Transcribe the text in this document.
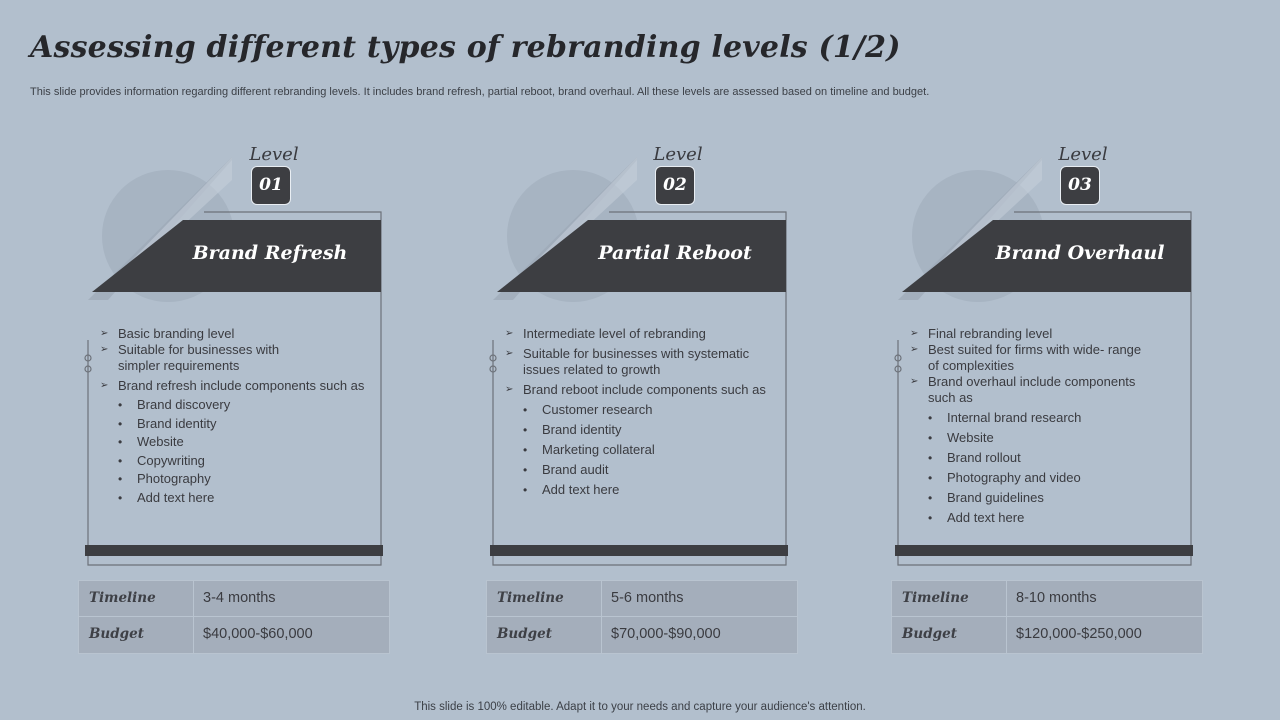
Assessing different types of rebranding levels (1/2)
This slide provides information regarding different rebranding levels. It includes brand refresh, partial reboot, brand overhaul. All these levels are assessed based on timeline and budget.
Level
01
Brand Refresh
➢ Basic branding level
➢ Suitable for businesses with
simpler requirements
➢ Brand refresh include components such as
• Brand discovery
• Brand identity
• Website
• Copywriting
• Photography
• Add text here
Timeline	3-4 months
Budget	$40,000-$60,000
Level
02
Partial Reboot
➢ Intermediate level of rebranding
➢ Suitable for businesses with systematic
issues related to growth
➢ Brand reboot include components such as
• Customer research
• Brand identity
• Marketing collateral
• Brand audit
• Add text here
Timeline	5-6 months
Budget	$70,000-$90,000
Level
03
Brand Overhaul
➢ Final rebranding level
➢ Best suited for firms with wide- range
of complexities
➢ Brand overhaul include components
such as
• Internal brand research
• Website
• Brand rollout
• Photography and video
• Brand guidelines
• Add text here
Timeline	8-10 months
Budget	$120,000-$250,000
This slide is 100% editable. Adapt it to your needs and capture your audience's attention.
